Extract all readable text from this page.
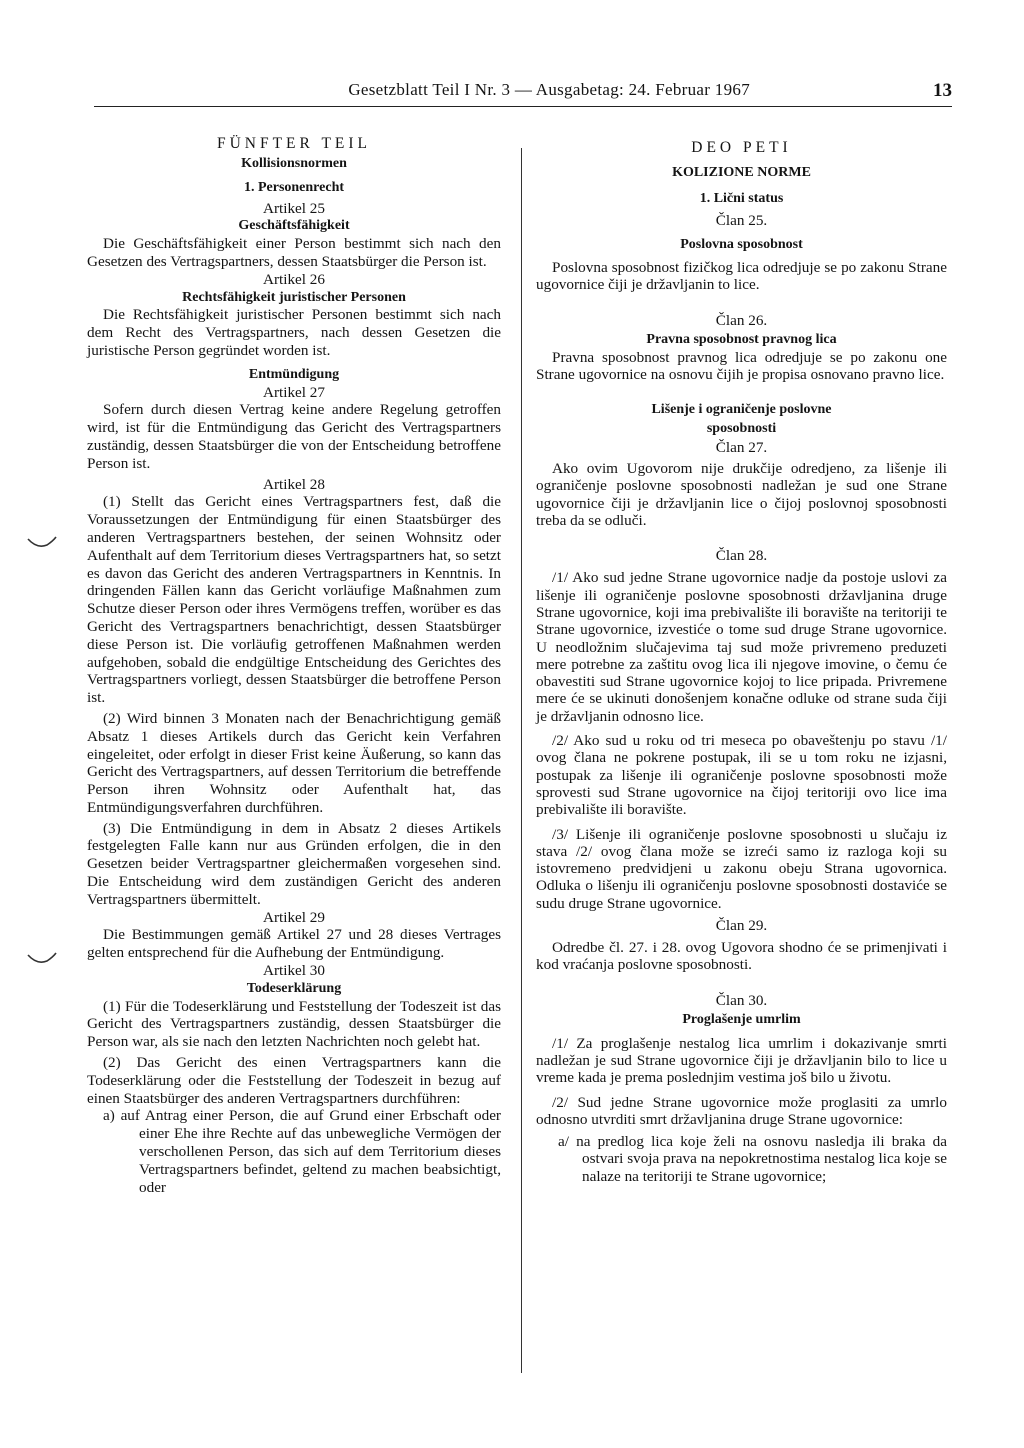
Gesetzblatt Teil I Nr. 3 — Ausgabetag: 24. Februar 1967	13
FÜNFTER TEIL
Kollisionsnormen
1. Personenrecht
Artikel 25
Geschäftsfähigkeit

Die Geschäftsfähigkeit einer Person bestimmt sich nach den Gesetzen des Vertragspartners, dessen Staatsbürger die Person ist.

Artikel 26
Rechtsfähigkeit juristischer Personen

Die Rechtsfähigkeit juristischer Personen bestimmt sich nach dem Recht des Vertragspartners, nach dessen Gesetzen die juristische Person gegründet worden ist.

Entmündigung
Artikel 27

Sofern durch diesen Vertrag keine andere Regelung getroffen wird, ist für die Entmündigung das Gericht des Vertragspartners zuständig, dessen Staatsbürger die von der Entscheidung betroffene Person ist.

Artikel 28

(1) Stellt das Gericht eines Vertragspartners fest, daß die Voraussetzungen der Entmündigung für einen Staatsbürger des anderen Vertragspartners bestehen, der seinen Wohnsitz oder Aufenthalt auf dem Territorium dieses Vertragspartners hat, so setzt es davon das Gericht des anderen Vertragspartners in Kenntnis. In dringenden Fällen kann das Gericht vorläufige Maßnahmen zum Schutze dieser Person oder ihres Vermögens treffen, worüber es das Gericht des Vertragspartners benachrichtigt, dessen Staatsbürger diese Person ist. Die vorläufig getroffenen Maßnahmen werden aufgehoben, sobald die endgültige Entscheidung des Gerichtes des Vertragspartners vorliegt, dessen Staatsbürger die betroffene Person ist.

(2) Wird binnen 3 Monaten nach der Benachrichtigung gemäß Absatz 1 dieses Artikels durch das Gericht kein Verfahren eingeleitet, oder erfolgt in dieser Frist keine Äußerung, so kann das Gericht des Vertragspartners, auf dessen Territorium die betreffende Person ihren Wohnsitz oder Aufenthalt hat, das Entmündigungsverfahren durchführen.

(3) Die Entmündigung in dem in Absatz 2 dieses Artikels festgelegten Falle kann nur aus Gründen erfolgen, die in den Gesetzen beider Vertragspartner gleichermaßen vorgesehen sind. Die Entscheidung wird dem zuständigen Gericht des anderen Vertragspartners übermittelt.

Artikel 29

Die Bestimmungen gemäß Artikel 27 und 28 dieses Vertrages gelten entsprechend für die Aufhebung der Entmündigung.

Artikel 30
Todeserklärung

(1) Für die Todeserklärung und Feststellung der Todeszeit ist das Gericht des Vertragspartners zuständig, dessen Staatsbürger die Person war, als sie nach den letzten Nachrichten noch gelebt hat.

(2) Das Gericht des einen Vertragspartners kann die Todeserklärung oder die Feststellung der Todeszeit in bezug auf einen Staatsbürger des anderen Vertragspartners durchführen:

a) auf Antrag einer Person, die auf Grund einer Erbschaft oder einer Ehe ihre Rechte auf das unbewegliche Vermögen der verschollenen Person, das sich auf dem Territorium dieses Vertragspartners befindet, geltend zu machen beabsichtigt, oder

DEO PETI
KOLIZIONE NORME
1. Lični status
Član 25.
Poslovna sposobnost

Poslovna sposobnost fizičkog lica odredjuje se po zakonu Strane ugovornice čiji je državljanin to lice.

Član 26.
Pravna sposobnost pravnog lica

Pravna sposobnost pravnog lica odredjuje se po zakonu one Strane ugovornice na osnovu čijih je propisa osnovano pravno lice.

Lišenje i ograničenje poslovne
sposobnosti
Član 27.

Ako ovim Ugovorom nije drukčije odredjeno, za lišenje ili ograničenje poslovne sposobnosti nadležan je sud one Strane ugovornice čiji je državljanin lice o čijoj poslovnoj sposobnosti treba da se odluči.

Član 28.

/1/ Ako sud jedne Strane ugovornice nadje da postoje uslovi za lišenje ili ograničenje poslovne sposobnosti državljanina druge Strane ugovornice, koji ima prebivalište ili boravište na teritoriji te Strane ugovornice, izvestiće o tome sud druge Strane ugovornice. U neodložnim slučajevima taj sud može privremeno preduzeti mere potrebne za zaštitu ovog lica ili njegove imovine, o čemu će obavestiti sud Strane ugovornice kojoj to lice pripada. Privremene mere će se ukinuti donošenjem konačne odluke od strane suda čiji je državljanin odnosno lice.

/2/ Ako sud u roku od tri meseca po obaveštenju po stavu /1/ ovog člana ne pokrene postupak, ili se u tom roku ne izjasni, postupak za lišenje ili ograničenje poslovne sposobnosti može sprovesti sud Strane ugovornice na čijoj teritoriji ovo lice ima prebivalište ili boravište.

/3/ Lišenje ili ograničenje poslovne sposobnosti u slučaju iz stava /2/ ovog člana može se izreći samo iz razloga koji su istovremeno predvidjeni u zakonu obeju Strana ugovornica. Odluka o lišenju ili ograničenju poslovne sposobnosti dostaviće se sudu druge Strane ugovornice.

Član 29.

Odredbe čl. 27. i 28. ovog Ugovora shodno će se primenjivati i kod vraćanja poslovne sposobnosti.

Član 30.
Proglašenje umrlim

/1/ Za proglašenje nestalog lica umrlim i dokazivanje smrti nadležan je sud Strane ugovornice čiji je državljanin bilo to lice u vreme kada je prema poslednjim vestima još bilo u životu.

/2/ Sud jedne Strane ugovornice može proglasiti za umrlo odnosno utvrditi smrt državljanina druge Strane ugovornice:

a/ na predlog lica koje želi na osnovu nasledja ili braka da ostvari svoja prava na nepokretnostima nestalog lica koje se nalaze na teritoriji te Strane ugovornice;
